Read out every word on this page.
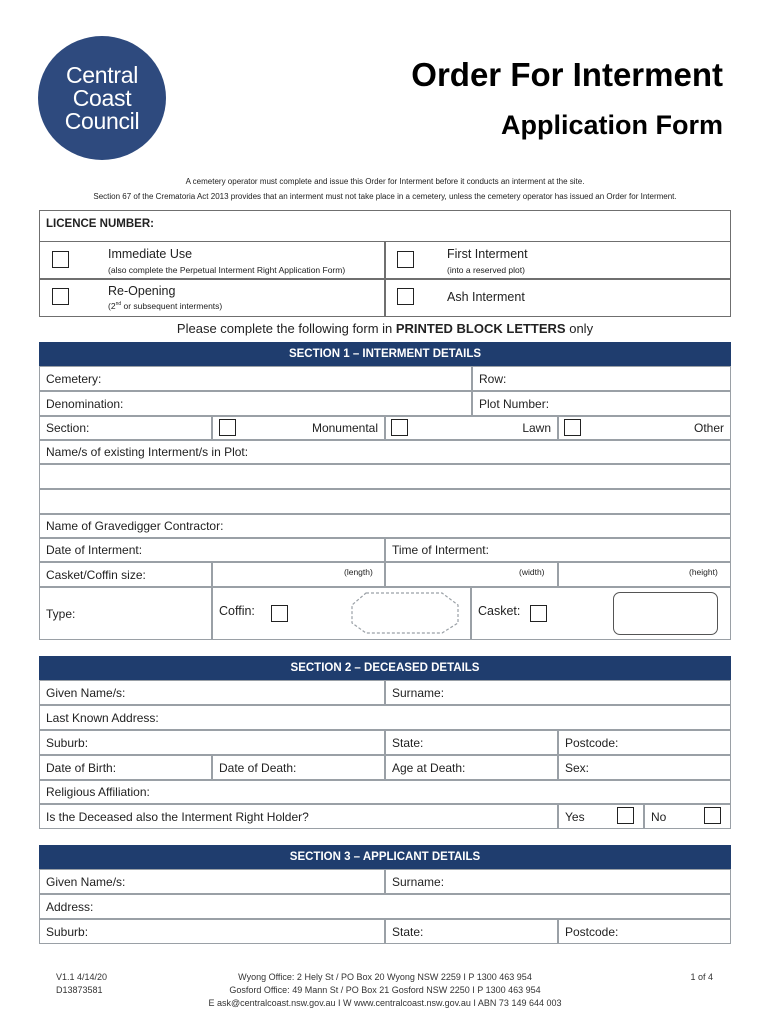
Central
Coast
Council
Order For Interment
Application Form
A cemetery operator must complete and issue this Order for Interment before it conducts an interment at the site.
Section 67 of the Crematoria Act 2013 provides that an interment must not take place in a cemetery, unless the cemetery operator has issued an Order for Interment.
LICENCE NUMBER:
Immediate Use
(also complete the Perpetual Interment Right Application Form)
First Interment
(into a reserved plot)
Re-Opening
(2nd or subsequent interments)
Ash Interment
Please complete the following form in PRINTED BLOCK LETTERS only
SECTION 1 – INTERMENT DETAILS
Cemetery:	Row:
Denomination:	Plot Number:
Section:	Monumental	Lawn	Other
Name/s of existing Interment/s in Plot:
Name of Gravedigger Contractor:
Date of Interment:	Time of Interment:
Casket/Coffin size:	(length)	(width)	(height)
Type:	Coffin:	Casket:
SECTION 2 – DECEASED DETAILS
Given Name/s:	Surname:
Last Known Address:
Suburb:	State:	Postcode:
Date of Birth:	Date of Death:	Age at Death:	Sex:
Religious Affiliation:
Is the Deceased also the Interment Right Holder?	Yes	No
SECTION 3 – APPLICANT DETAILS
Given Name/s:	Surname:
Address:
Suburb:	State:	Postcode:
V1.1 4/14/20
D13873581
Wyong Office: 2 Hely St / PO Box 20 Wyong NSW 2259 I P 1300 463 954
Gosford Office: 49 Mann St / PO Box 21 Gosford NSW 2250 I P 1300 463 954
E ask@centralcoast.nsw.gov.au I W www.centralcoast.nsw.gov.au I ABN 73 149 644 003
1 of 4
